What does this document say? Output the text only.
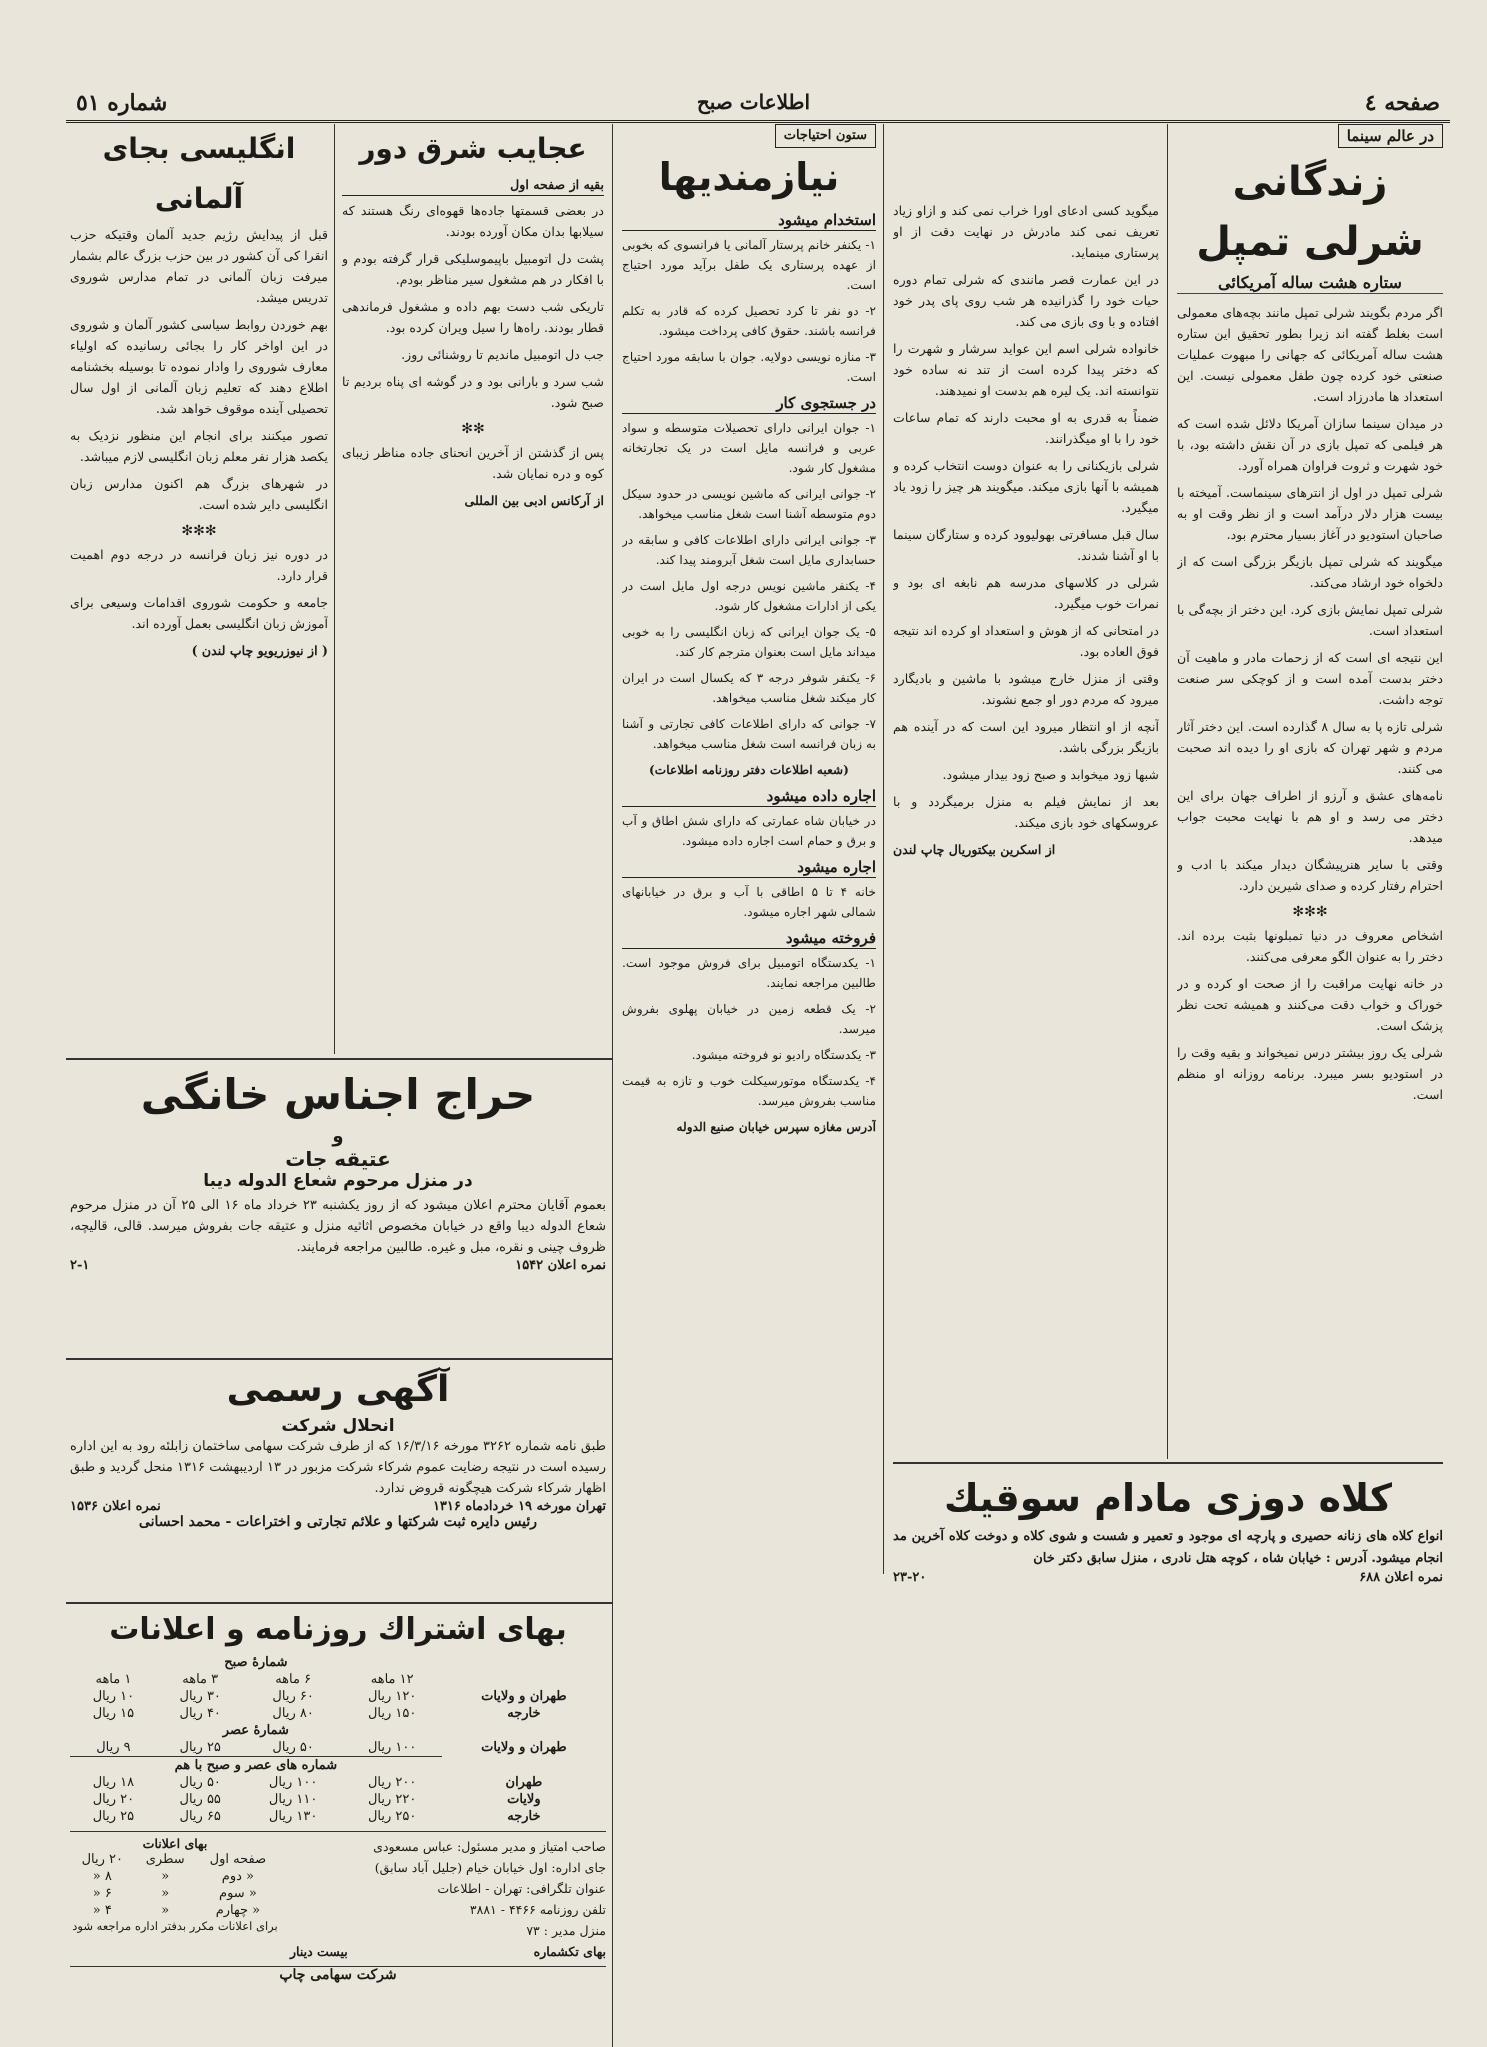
صفحه ٤
اطلاعات صبح
شماره ٥١
در عالم سینما
زندگانی شرلی تمپل
ستاره هشت ساله آمریکائی

اگر مردم بگویند شرلی تمپل مانند بچه‌های معمولی است بغلط گفته اند زیرا بطور تحقیق این ستاره هشت ساله آمریکائی که جهانی را مبهوت عملیات صنعتی خود کرده چون طفل معمولی نیست. این استعداد ها مادرزاد است.

در میدان سینما سازان آمریکا دلائل شده است که هر فیلمی که تمپل بازی در آن نقش داشته بود، با خود شهرت و ثروت فراوان همراه آورد.

شرلی تمپل در اول از انترهای سینماست. آمیخته با بیست هزار دلار درآمد است و از نظر وقت او به صاحبان استودیو در آغاز بسیار محترم بود.

میگویند که شرلی تمپل بازیگر بزرگی است که از دلخواه خود ارشاد می‌کند.

شرلی تمپل نمایش بازی کرد. این دختر از بچه‌گی با استعداد است.

این نتیجه ای است که از زحمات مادر و ماهیت آن دختر بدست آمده است و از کوچکی سر صنعت توجه داشت.

شرلی تازه پا به سال ۸ گذارده است. این دختر آثار مردم و شهر تهران که بازی او را دیده اند صحبت می کنند.

نامه‌های عشق و آرزو از اطراف جهان برای این دختر می رسد و او هم با نهایت محبت جواب میدهد.

وقتی با سایر هنرپیشگان دیدار میکند با ادب و احترام رفتار کرده و صدای شیرین دارد.

✻✻✻

اشخاص معروف در دنیا تمبلونها بثبت برده اند. دختر را به عنوان الگو معرفی می‌کنند.

در خانه نهایت مراقبت را از صحت او کرده و در خوراک و خواب دقت می‌کنند و همیشه تحت نظر پزشک است.

شرلی یک روز بیشتر درس نمیخواند و بقیه وقت را در استودیو بسر میبرد. برنامه روزانه او منظم است.

میگوید کسی ادعای اورا خراب نمی کند و ازاو زیاد تعریف نمی کند مادرش در نهایت دقت از او پرستاری مینماید.

در این عمارت قصر مانندی که شرلی تمام دوره حیات خود را گذرانیده هر شب روی پای پدر خود افتاده و با وی بازی می کند.

خانواده شرلی اسم این عواید سرشار و شهرت را که دختر پیدا کرده است از تند نه ساده خود نتوانسته اند. یک لیره هم بدست او نمیدهند.

ضمناً به قدری به او محبت دارند که تمام ساعات خود را با او میگذرانند.

شرلی بازیکنانی را به عنوان دوست انتخاب کرده و همیشه با آنها بازی میکند. میگویند هر چیز را زود یاد میگیرد.

سال قبل مسافرتی بهولیوود کرده و ستارگان سینما با او آشنا شدند.

شرلی در کلاسهای مدرسه هم نابغه ای بود و نمرات خوب میگیرد.

در امتحانی که از هوش و استعداد او کرده اند نتیجه فوق العاده بود.

وقتی از منزل خارج میشود با ماشین و بادیگارد میرود که مردم دور او جمع نشوند.

آنچه از او انتظار میرود این است که در آینده هم بازیگر بزرگی باشد.

شبها زود میخوابد و صبح زود بیدار میشود.

بعد از نمایش فیلم به منزل برمیگردد و با عروسکهای خود بازی میکند.

از اسکرین بیکتوریال چاپ لندن

کلاه دوزی مادام سوقیك
انواع کلاه های زنانه حصیری و پارچه ای موجود و تعمیر و شست و شوی کلاه و دوخت کلاه آخرین مد انجام میشود. آدرس : خیابان شاه ، کوچه هتل نادری ، منزل سابق دکتر خان
نمره اعلان ۶۸۸
۲۳-۲۰
ستون احتیاجات
نیازمندیها
استخدام میشود

۱- یکنفر خانم پرستار آلمانی یا فرانسوی که بخوبی از عهده پرستاری یک طفل برآید مورد احتیاج است.

۲- دو نفر تا کرد تحصیل کرده که قادر به تکلم فرانسه باشند. حقوق کافی پرداخت میشود.

۳- منازه نویسی دولایه. جوان با سابقه مورد احتیاج است.

در جستجوی کار

۱- جوان ایرانی دارای تحصیلات متوسطه و سواد عربی و فرانسه مایل است در یک تجارتخانه مشغول کار شود.

۲- جوانی ایرانی که ماشین نویسی در حدود سیکل دوم متوسطه آشنا است شغل مناسب میخواهد.

۳- جوانی ایرانی دارای اطلاعات کافی و سابقه در حسابداری مایل است شغل آبرومند پیدا کند.

۴- یکنفر ماشین نویس درجه اول مایل است در یکی از ادارات مشغول کار شود.

۵- یک جوان ایرانی که زبان انگلیسی را به خوبی میداند مایل است بعنوان مترجم کار کند.

۶- یکنفر شوفر درجه ۳ که یکسال است در ایران کار میکند شغل مناسب میخواهد.

۷- جوانی که دارای اطلاعات کافی تجارتی و آشنا به زبان فرانسه است شغل مناسب میخواهد.

(شعبه اطلاعات دفتر روزنامه اطلاعات)

اجاره داده میشود

در خیابان شاه عمارتی که دارای شش اطاق و آب و برق و حمام است اجاره داده میشود.

اجاره میشود

خانه ۴ تا ۵ اطاقی با آب و برق در خیابانهای شمالی شهر اجاره میشود.

فروخته میشود

۱- یکدستگاه اتومبیل برای فروش موجود است. طالبین مراجعه نمایند.

۲- یک قطعه زمین در خیابان پهلوی بفروش میرسد.

۳- یکدستگاه رادیو نو فروخته میشود.

۴- یکدستگاه موتورسیکلت خوب و تازه به قیمت مناسب بفروش میرسد.

آدرس مغازه سپرس خیابان صنیع الدوله

عجایب شرق دور
بقیه از صفحه اول

در بعضی قسمتها جاده‌ها قهوه‌ای رنگ هستند که سیلابها بدان مکان آورده بودند.

پشت دل اتومبیل باپیموسلیکی قرار گرفته بودم و با افکار در هم مشغول سیر مناظر بودم.

تاریکی شب دست بهم داده و مشغول فرماندهی قطار بودند. راه‌ها را سیل ویران کرده بود.

جب دل اتومبیل ماندیم تا روشنائی روز.

شب سرد و بارانی بود و در گوشه ای پناه بردیم تا صبح شود.

✻✻

پس از گذشتن از آخرین انحنای جاده مناظر زیبای کوه و دره نمایان شد.

از آرکانس ادبی بین المللی

انگلیسی بجای آلمانی

قبل از پیدایش رژیم جدید آلمان وقتیکه حزب انقرا کی آن کشور در بین حزب بزرگ عالم بشمار میرفت زبان آلمانی در تمام مدارس شوروی تدریس میشد.

بهم خوردن روابط سیاسی کشور آلمان و شوروی در این اواخر کار را بجائی رسانیده که اولیاء معارف شوروی را وادار نموده تا بوسیله بخشنامه اطلاع دهند که تعلیم زبان آلمانی از اول سال تحصیلی آینده موقوف خواهد شد.

تصور میکنند برای انجام این منظور نزدیک به یکصد هزار نفر معلم زبان انگلیسی لازم میباشد.

در شهرهای بزرگ هم اکنون مدارس زبان انگلیسی دایر شده است.

✻✻✻

در دوره نیز زبان فرانسه در درجه دوم اهمیت قرار دارد.

جامعه و حکومت شوروی اقدامات وسیعی برای آموزش زبان انگلیسی بعمل آورده اند.

( از نیوزریویو چاپ لندن )

حراج اجناس خانگی
و
عتیقه جات
در منزل مرحوم شعاع الدوله دیبا
بعموم آقایان محترم اعلان میشود که از روز یکشنبه ۲۳ خرداد ماه ۱۶ الی ۲۵ آن در منزل مرحوم شعاع الدوله دیبا واقع در خیابان مخصوص اثاثیه منزل و عتیقه جات بفروش میرسد. قالی، قالیچه، ظروف چینی و نقره، مبل و غیره. طالبین مراجعه فرمایند.
نمره اعلان ۱۵۴۲
۲-۱
آگهی رسمی
انحلال شرکت
طبق نامه شماره ۳۲۶۲ مورخه ۱۶/۳/۱۶ که از طرف شرکت سهامی ساختمان زابلئه رود به این اداره رسیده است در نتیجه رضایت عموم شرکاء شرکت مزبور در ۱۳ اردیبهشت ۱۳۱۶ منحل گردید و طبق اظهار شرکاء شرکت هیچگونه قروض ندارد.
تهران مورخه ۱۹ خردادماه ۱۳۱۶
نمره اعلان ۱۵۳۶
رئیس دایره ثبت شرکتها و علائم تجارتی و اختراعات - محمد احسانی
بهای اشتراك روزنامه و اعلانات
	شمارهٔ صبح			
	۱۲ ماهه	۶ ماهه	۳ ماهه	۱ ماهه
طهران و ولایات	۱۲۰ ریال	۶۰ ریال	۳۰ ریال	۱۰ ریال
خارجه	۱۵۰ ریال	۸۰ ریال	۴۰ ریال	۱۵ ریال
	شمارهٔ عصر			
طهران و ولایات	۱۰۰ ریال	۵۰ ریال	۲۵ ریال	۹ ریال
	شماره های عصر و صبح با هم			
طهران	۲۰۰ ریال	۱۰۰ ریال	۵۰ ریال	۱۸ ریال
ولایات	۲۲۰ ریال	۱۱۰ ریال	۵۵ ریال	۲۰ ریال
خارجه	۲۵۰ ریال	۱۳۰ ریال	۶۵ ریال	۲۵ ریال
صاحب امتیاز و مدیر مسئول: عباس مسعودی
جای اداره: اول خیابان خیام (جلیل آباد سابق)
عنوان تلگرافی: تهران - اطلاعات
تلفن روزنامه ۴۴۶۶ - ۳۸۸۱
منزل مدیر : ۷۳
بهای تکشماره
بیست دینار
بهای اعلانات
صفحه اول	سطری	۲۰ ریال
« دوم	«	۸ «
« سوم	«	۶ «
« چهارم	«	۴ «
برای اعلانات مکرر بدفتر اداره مراجعه شود
شرکت سهامی چاپ
